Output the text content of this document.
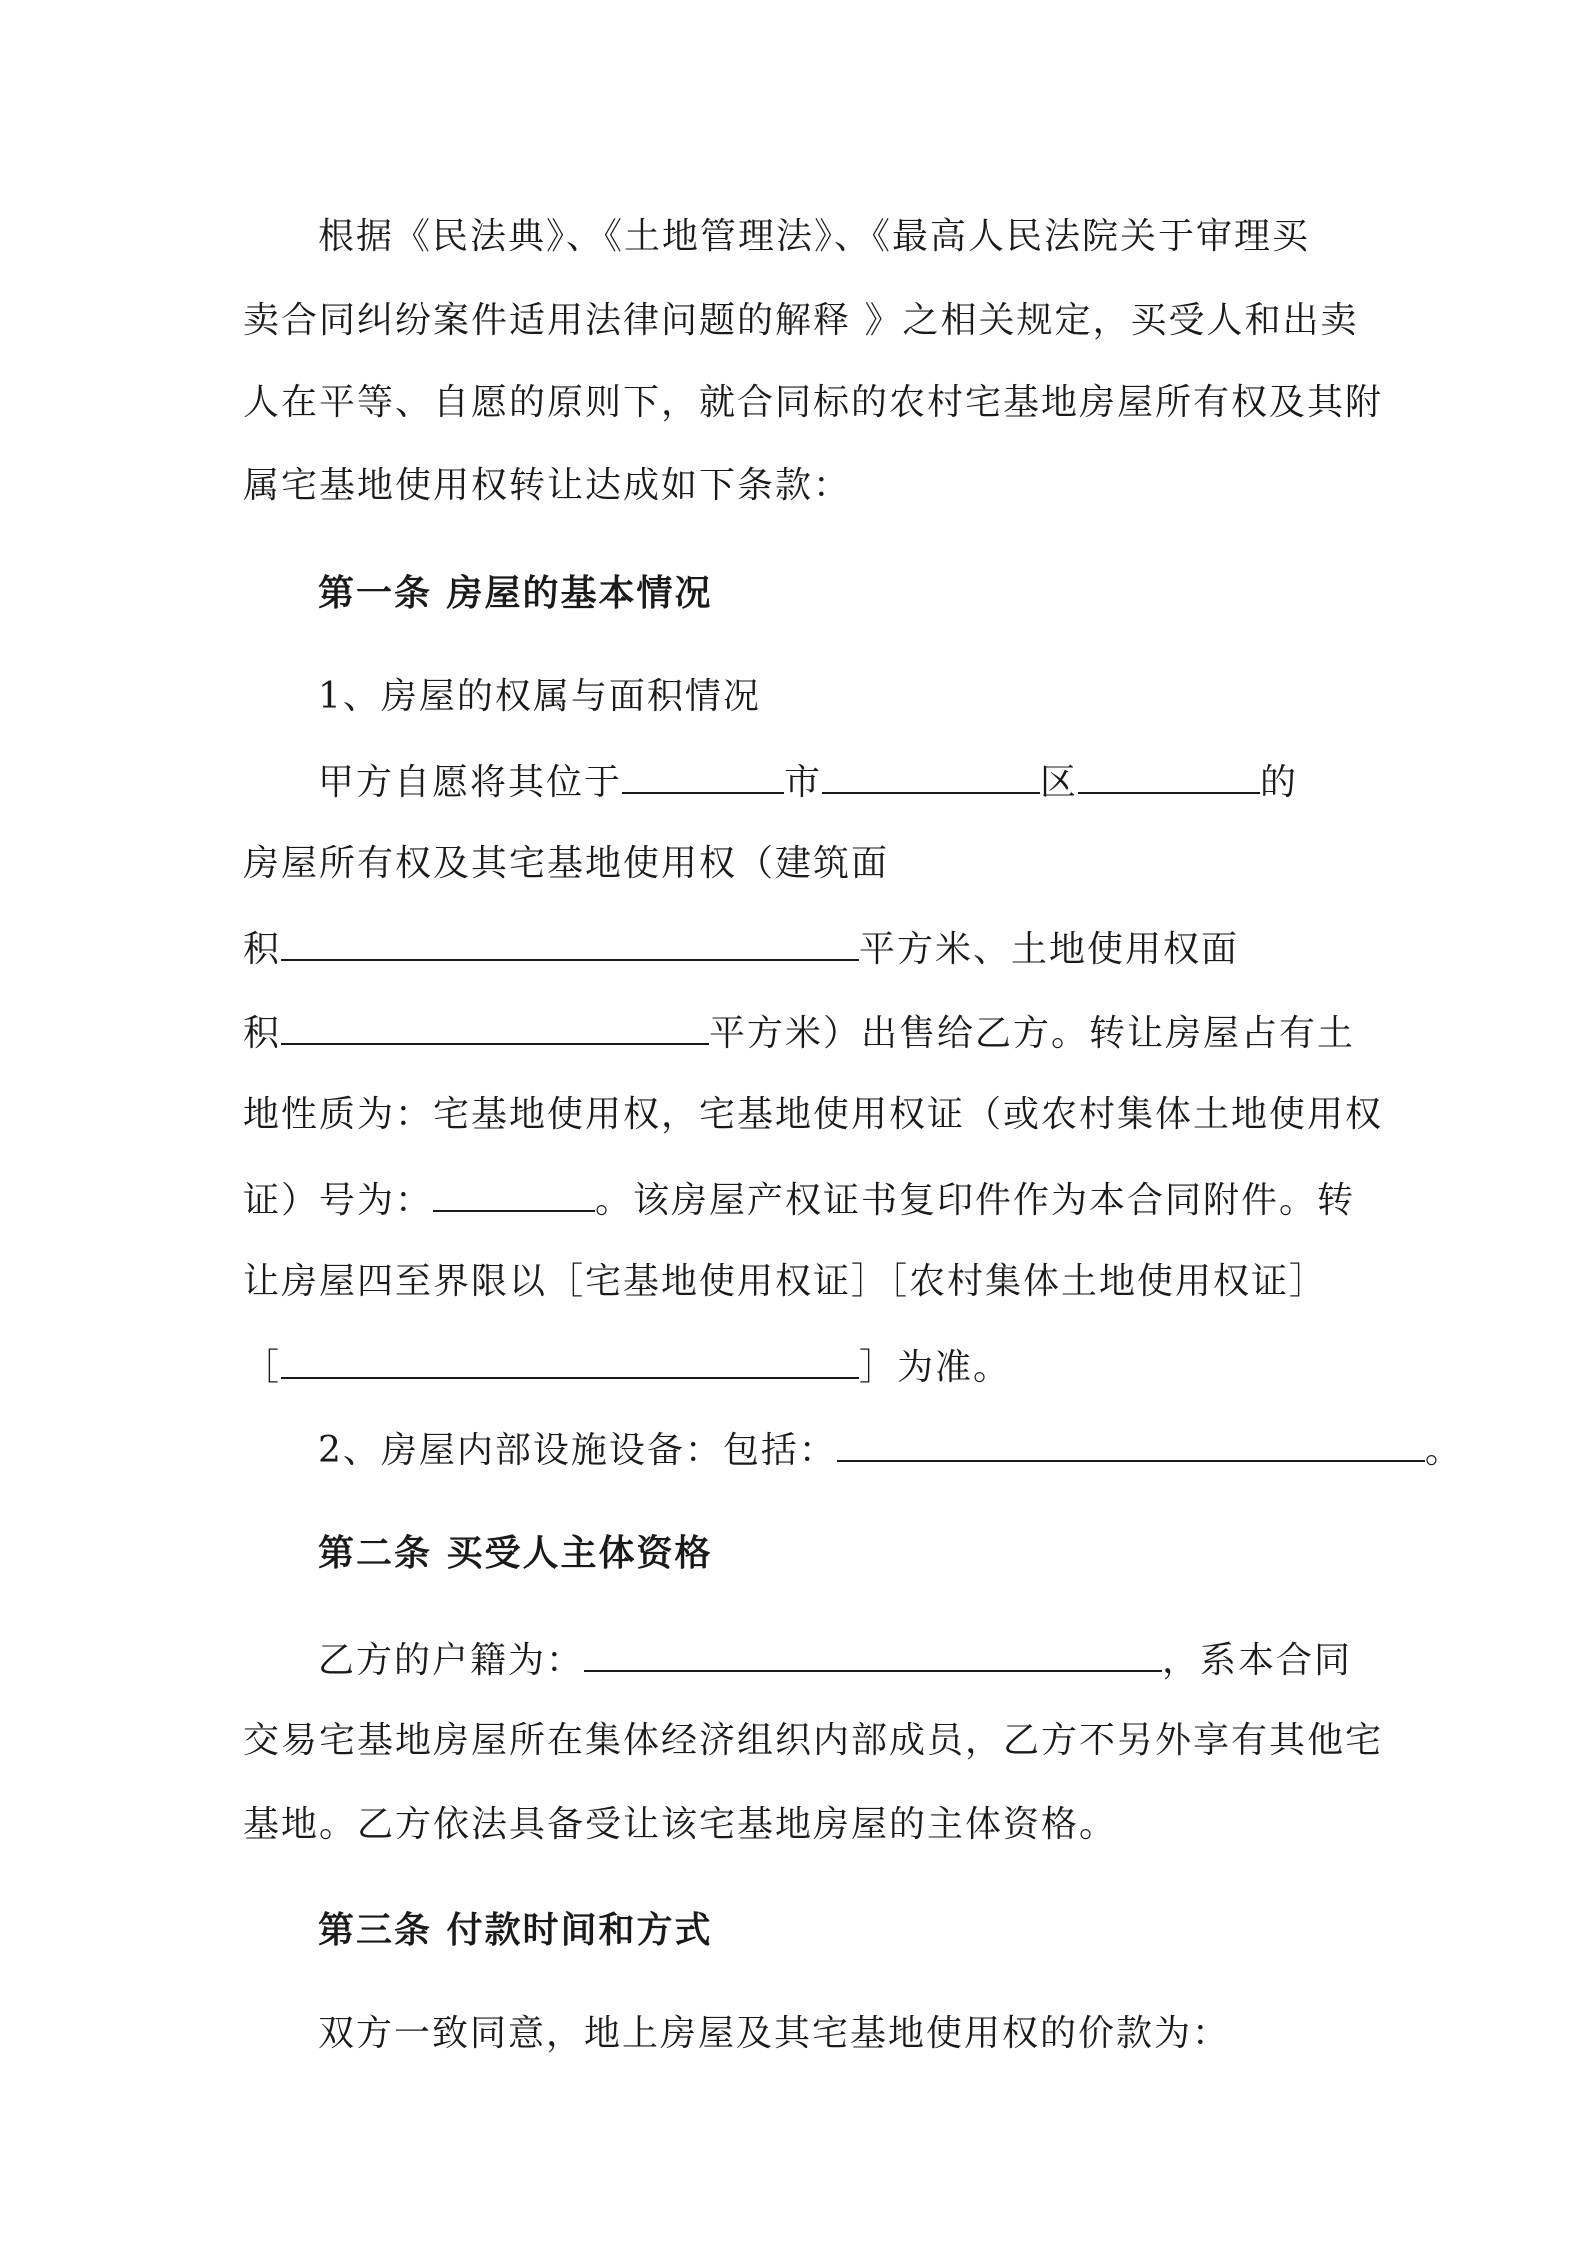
根据《民法典》、《土地管理法》、《最高人民法院关于审理买
卖合同纠纷案件适用法律问题的解释 》之相关规定，买受人和出卖
人在平等、自愿的原则下，就合同标的农村宅基地房屋所有权及其附
属宅基地使用权转让达成如下条款：
第一条 房屋的基本情况
1、房屋的权属与面积情况
甲方自愿将其位于	市	区	的
房屋所有权及其宅基地使用权（建筑面
积	平方米、土地使用权面
积	平方米）出售给乙方。转让房屋占有土
地性质为：宅基地使用权，宅基地使用权证（或农村集体土地使用权
证）号为：	。该房屋产权证书复印件作为本合同附件。转
让房屋四至界限以［宅基地使用权证］［农村集体土地使用权证］
［	］为准。
2、房屋内部设施设备：包括：	。
第二条 买受人主体资格
乙方的户籍为：	，系本合同
交易宅基地房屋所在集体经济组织内部成员，乙方不另外享有其他宅
基地。乙方依法具备受让该宅基地房屋的主体资格。
第三条 付款时间和方式
双方一致同意，地上房屋及其宅基地使用权的价款为：
